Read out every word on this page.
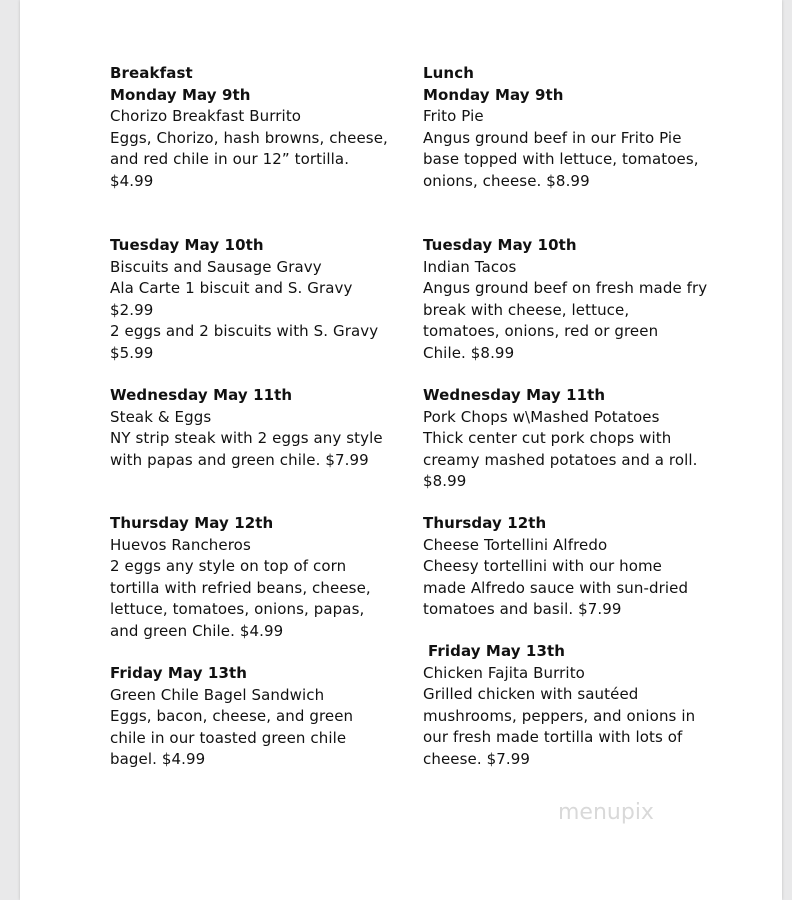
Breakfast
Monday May 9th
Chorizo Breakfast Burrito
Eggs, Chorizo, hash browns, cheese,
and red chile in our 12” tortilla.
$4.99
Tuesday May 10th
Biscuits and Sausage Gravy
Ala Carte 1 biscuit and S. Gravy
$2.99
2 eggs and 2 biscuits with S. Gravy
$5.99
Wednesday May 11th
Steak & Eggs
NY strip steak with 2 eggs any style
with papas and green chile. $7.99
Thursday May 12th
Huevos Rancheros
2 eggs any style on top of corn
tortilla with refried beans, cheese,
lettuce, tomatoes, onions, papas,
and green Chile. $4.99
Friday May 13th
Green Chile Bagel Sandwich
Eggs, bacon, cheese, and green
chile in our toasted green chile
bagel. $4.99
Lunch
Monday May 9th
Frito Pie
Angus ground beef in our Frito Pie
base topped with lettuce, tomatoes,
onions, cheese. $8.99
Tuesday May 10th
Indian Tacos
Angus ground beef on fresh made fry
break with cheese, lettuce,
tomatoes, onions, red or green
Chile. $8.99
Wednesday May 11th
Pork Chops w\Mashed Potatoes
Thick center cut pork chops with
creamy mashed potatoes and a roll.
$8.99
Thursday 12th
Cheese Tortellini Alfredo
Cheesy tortellini with our home
made Alfredo sauce with sun-dried
tomatoes and basil. $7.99
Friday May 13th
Chicken Fajita Burrito
Grilled chicken with sautéed
mushrooms, peppers, and onions in
our fresh made tortilla with lots of
cheese. $7.99
menupix
